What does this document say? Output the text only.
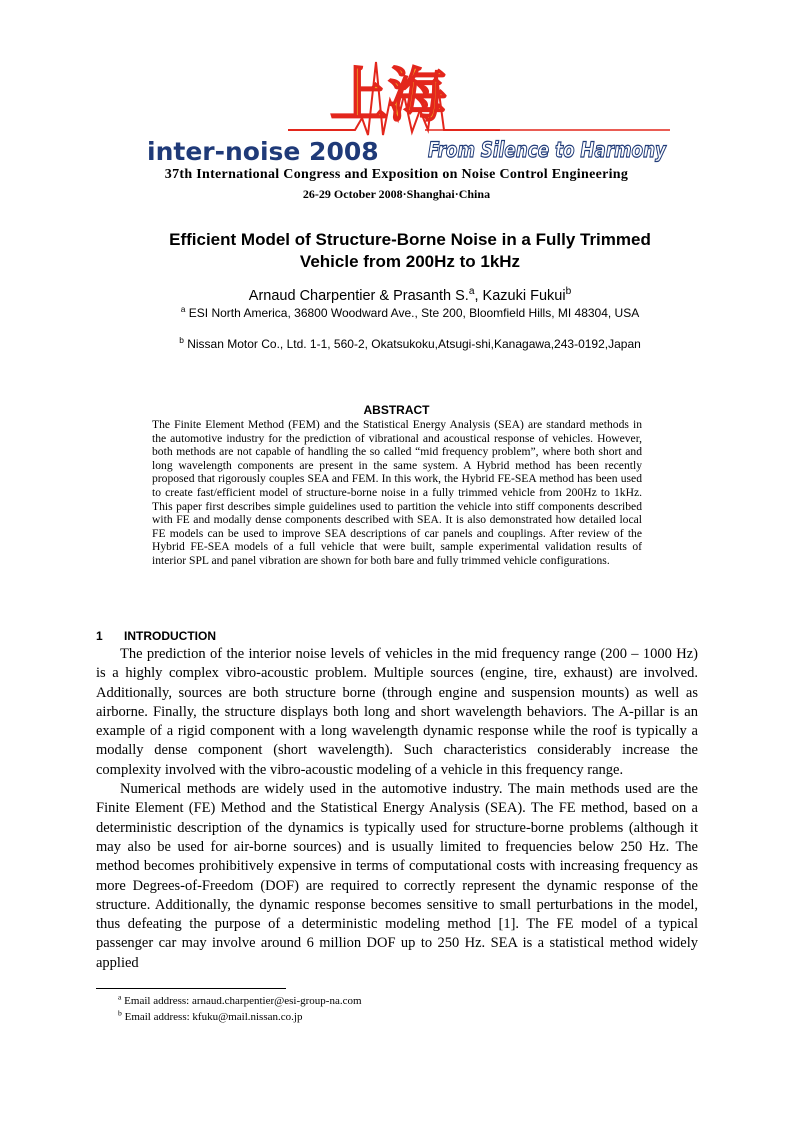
上海
inter-noise 2008 From Silence to Harmony
37th International Congress and Exposition on Noise Control Engineering
26-29 October 2008·Shanghai·China
Efficient Model of Structure-Borne Noise in a Fully Trimmed
Vehicle from 200Hz to 1kHz
Arnaud Charpentier & Prasanth S.$^a$, Kazuki Fukui$^b$
$^a$ ESI North America, 36800 Woodward Ave., Ste 200, Bloomfield Hills, MI 48304, USA
$^b$ Nissan Motor Co., Ltd. 1-1, 560-2, Okatsukoku,Atsugi-shi,Kanagawa,243-0192,Japan
ABSTRACT
The Finite Element Method (FEM) and the Statistical Energy Analysis (SEA) are standard methods in the automotive industry for the prediction of vibrational and acoustical response of vehicles. However, both methods are not capable of handling the so called “mid frequency problem”, where both short and long wavelength components are present in the same system. A Hybrid method has been recently proposed that rigorously couples SEA and FEM. In this work, the Hybrid FE-SEA method has been used to create fast/efficient model of structure-borne noise in a fully trimmed vehicle from 200Hz to 1kHz. This paper first describes simple guidelines used to partition the vehicle into stiff components described with FE and modally dense components described with SEA. It is also demonstrated how detailed local FE models can be used to improve SEA descriptions of car panels and couplings. After review of the Hybrid FE-SEA models of a full vehicle that were built, sample experimental validation results of interior SPL and panel vibration are shown for both bare and fully trimmed vehicle configurations.
1 INTRODUCTION

The prediction of the interior noise levels of vehicles in the mid frequency range (200 – 1000 Hz) is a highly complex vibro-acoustic problem. Multiple sources (engine, tire, exhaust) are involved. Additionally, sources are both structure borne (through engine and suspension mounts) as well as airborne. Finally, the structure displays both long and short wavelength behaviors. The A-pillar is an example of a rigid component with a long wavelength dynamic response while the roof is typically a modally dense component (short wavelength). Such characteristics considerably increase the complexity involved with the vibro-acoustic modeling of a vehicle in this frequency range.

Numerical methods are widely used in the automotive industry. The main methods used are the Finite Element (FE) Method and the Statistical Energy Analysis (SEA). The FE method, based on a deterministic description of the dynamics is typically used for structure-borne problems (although it may also be used for air-borne sources) and is usually limited to frequencies below 250 Hz. The method becomes prohibitively expensive in terms of computational costs with increasing frequency as more Degrees-of-Freedom (DOF) are required to correctly represent the dynamic response of the structure. Additionally, the dynamic response becomes sensitive to small perturbations in the model, thus defeating the purpose of a deterministic modeling method [1]. The FE model of a typical passenger car may involve around 6 million DOF up to 250 Hz. SEA is a statistical method widely applied

$^a$ Email address: arnaud.charpentier@esi-group-na.com
$^b$ Email address: kfuku@mail.nissan.co.jp
